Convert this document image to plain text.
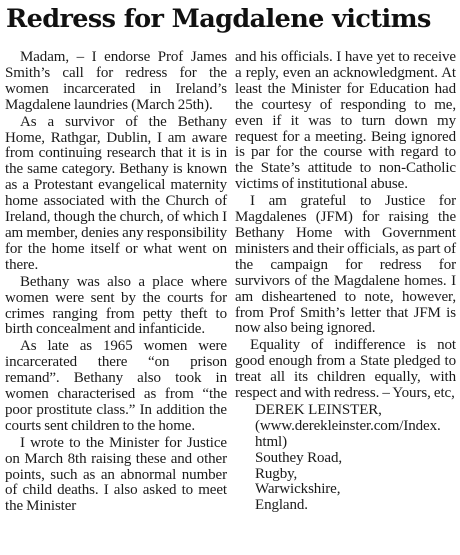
Redress for Magdalene victims

Madam, – I endorse Prof James Smith’s call for redress for the women incarcerated in Ireland’s Magdalene laundries (March 25th).

As a survivor of the Bethany Home, Rathgar, Dublin, I am aware from continuing research that it is in the same category. Bethany is known as a Protestant evangelical maternity home associated with the Church of Ireland, though the church, of which I am member, denies any responsibility for the home itself or what went on there.

Bethany was also a place where women were sent by the courts for crimes ranging from petty theft to birth concealment and infanticide.

As late as 1965 women were incarcerated there “on prison remand”. Bethany also took in women characterised as from “the poor prostitute class.” In addition the courts sent children to the home.

I wrote to the Minister for Justice on March 8th raising these and other points, such as an abnormal number of child deaths. I also asked to meet the Minister

and his officials. I have yet to receive a reply, even an acknowledgment. At least the Minister for Education had the courtesy of responding to me, even if it was to turn down my request for a meeting. Being ignored is par for the course with regard to the State’s attitude to non-Catholic victims of institutional abuse.

I am grateful to Justice for Magdalenes (JFM) for raising the Bethany Home with Government ministers and their officials, as part of the campaign for redress for survivors of the Magdalene homes. I am disheartened to note, however, from Prof Smith’s letter that JFM is now also being ignored.

Equality of indifference is not good enough from a State pledged to treat all its children equally, with respect and with redress. – Yours, etc,

DEREK LEINSTER,
(www.derekleinster.com/Index.
html)
Southey Road,
Rugby,
Warwickshire,
England.
